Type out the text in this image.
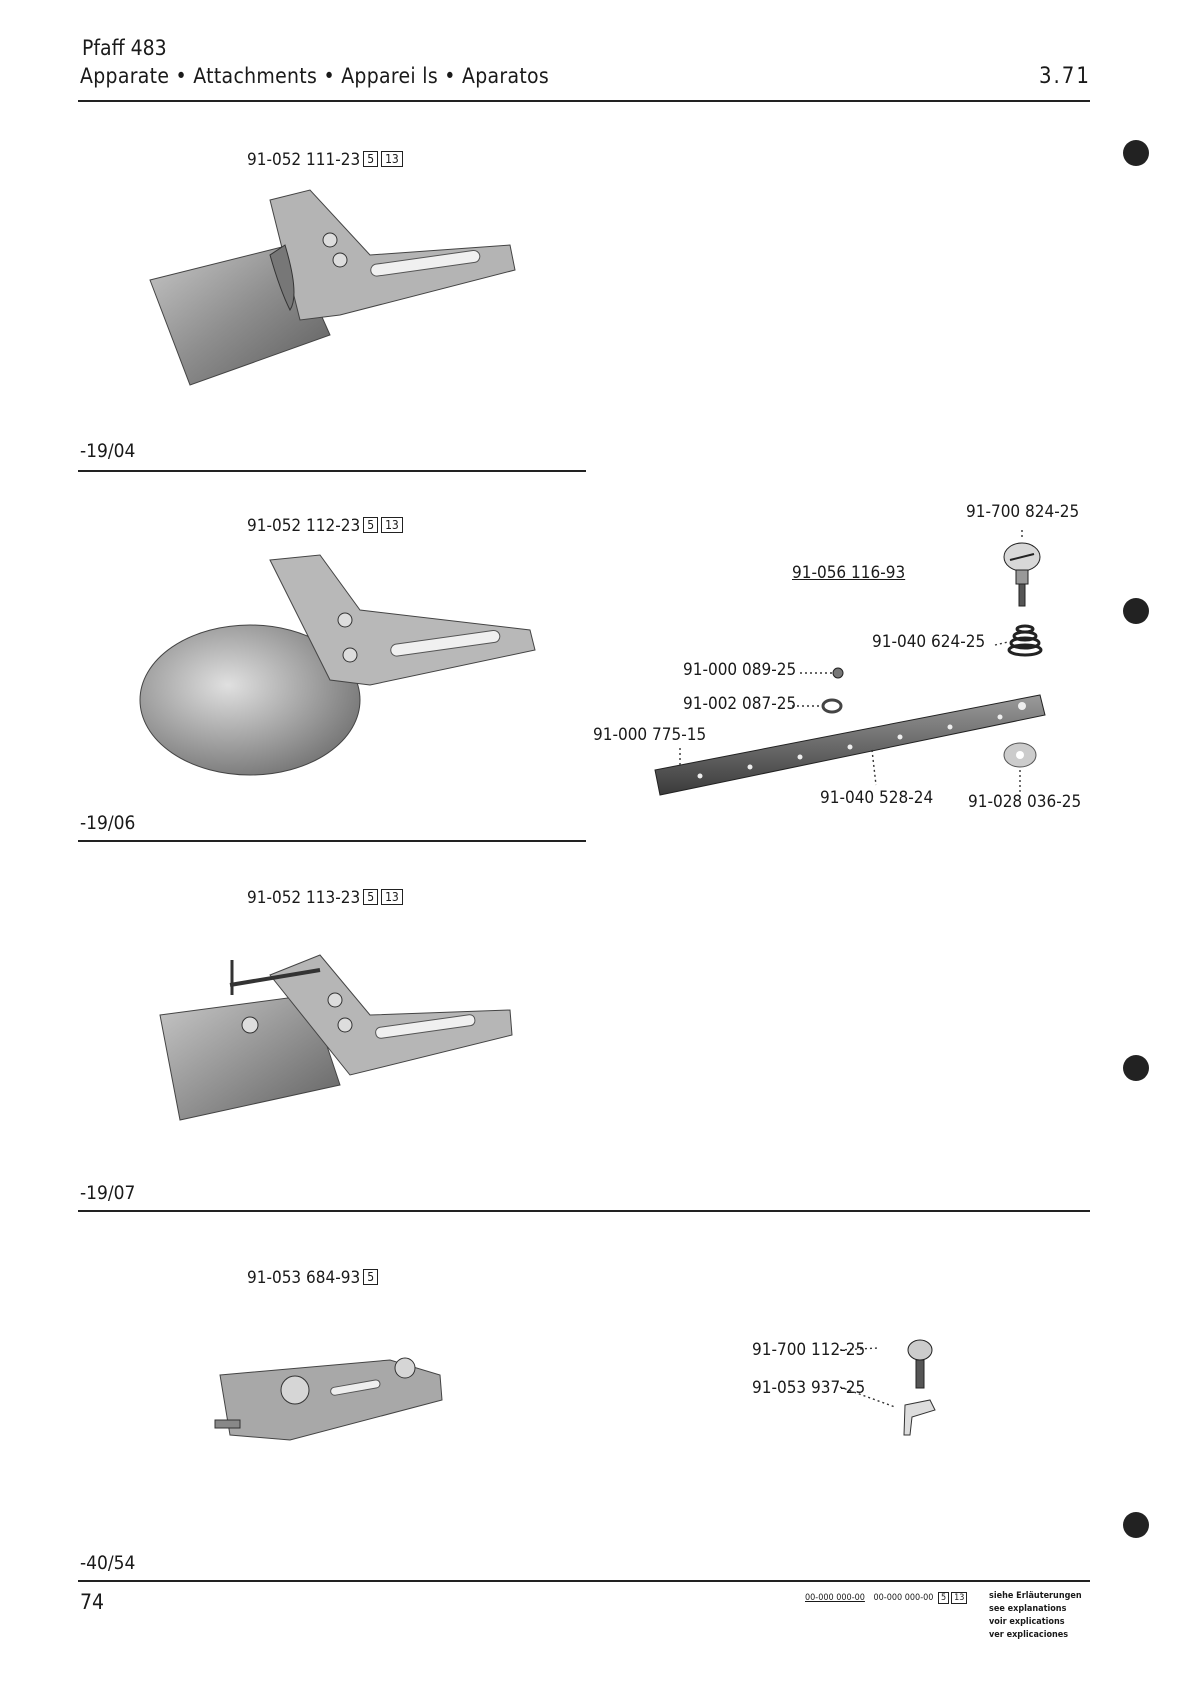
Pfaff 483
Apparate • Attachments • Apparei ls • Aparatos	3.71
91-052 111-23 5 13
-19/04
91-052 112-23 5 13
-19/06
91-700 824-25
91-056 116-93
91-040 624-25
91-000 089-25
91-002 087-25
91-000 775-15
91-040 528-24 91-028 036-25
91-052 113-23 5 13
-19/07
91-053 684-93 5
91-700 112-25
91-053 937-25
-40/54
74	00-000 000-00 00-000 000-00 5 13	siehe Erläuterungen
see explanations
voir explications
ver explicaciones
